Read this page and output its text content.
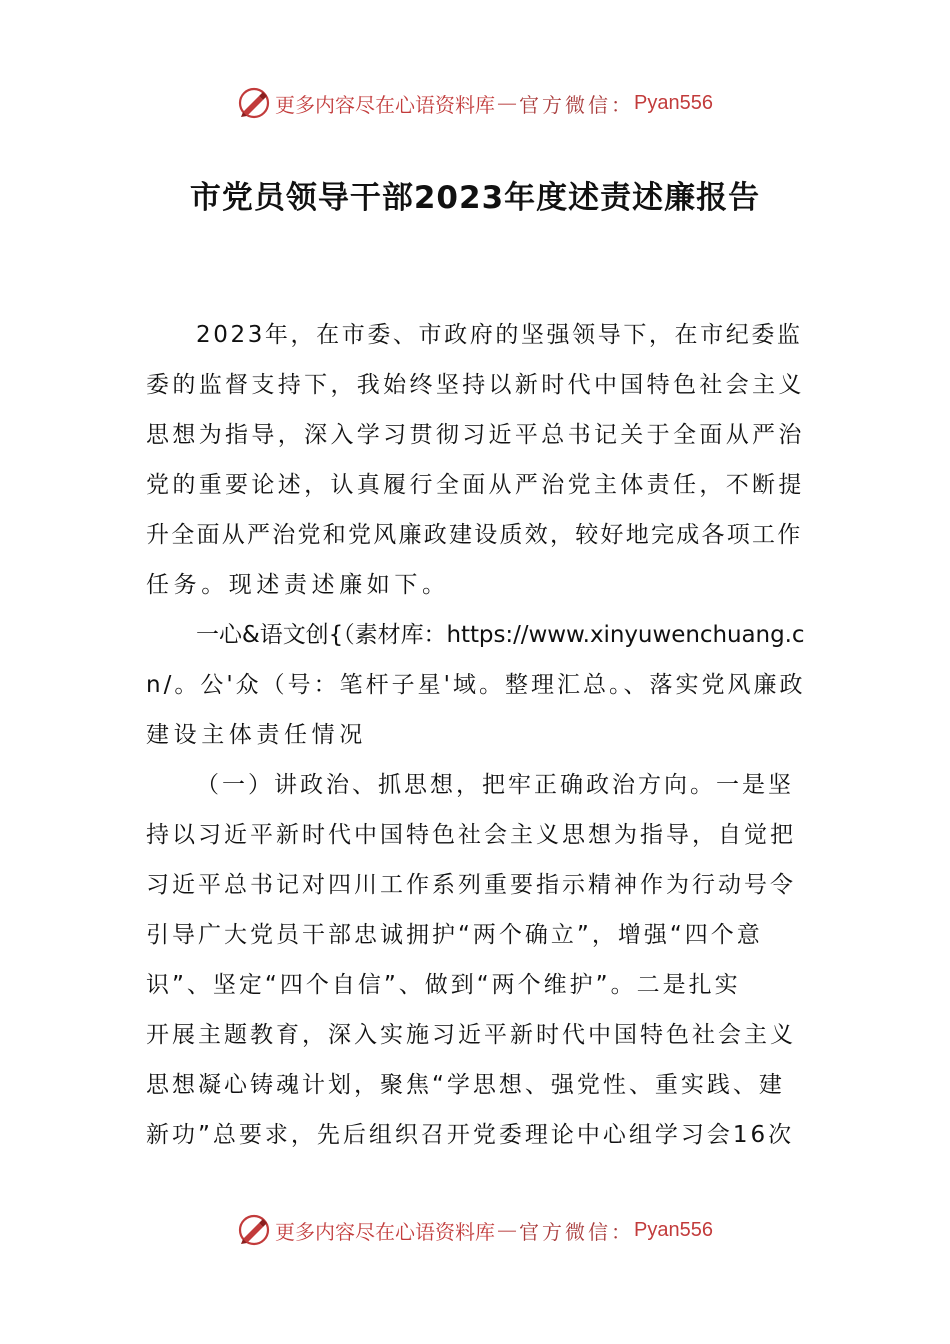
更多内容尽在心语资料库 — 官方微信： Pyan556
市党员领导干部2023年度述责述廉报告
2023年，在市委、市政府的坚强领导下，在市纪委监
委的监督支持下，我始终坚持以新时代中国特色社会主义
思想为指导，深入学习贯彻习近平总书记关于全面从严治
党的重要论述，认真履行全面从严治党主体责任，不断提
升全面从严治党和党风廉政建设质效，较好地完成各项工作
任务。现述责述廉如下。
一心&语文创{（素材库：https://www.xinyuwenchuang.c
n/。公'众（号：笔杆子星'域。整理汇总。、落实党风廉政
建设主体责任情况
（一）讲政治、抓思想，把牢正确政治方向。一是坚
持以习近平新时代中国特色社会主义思想为指导，自觉把
习近平总书记对四川工作系列重要指示精神作为行动号令
引导广大党员干部忠诚拥护“两个确立”，增强“四个意
识”、坚定“四个自信”、做到“两个维护”。二是扎实
开展主题教育，深入实施习近平新时代中国特色社会主义
思想凝心铸魂计划，聚焦“学思想、强党性、重实践、建
新功”总要求，先后组织召开党委理论中心组学习会16次
更多内容尽在心语资料库 — 官方微信： Pyan556
